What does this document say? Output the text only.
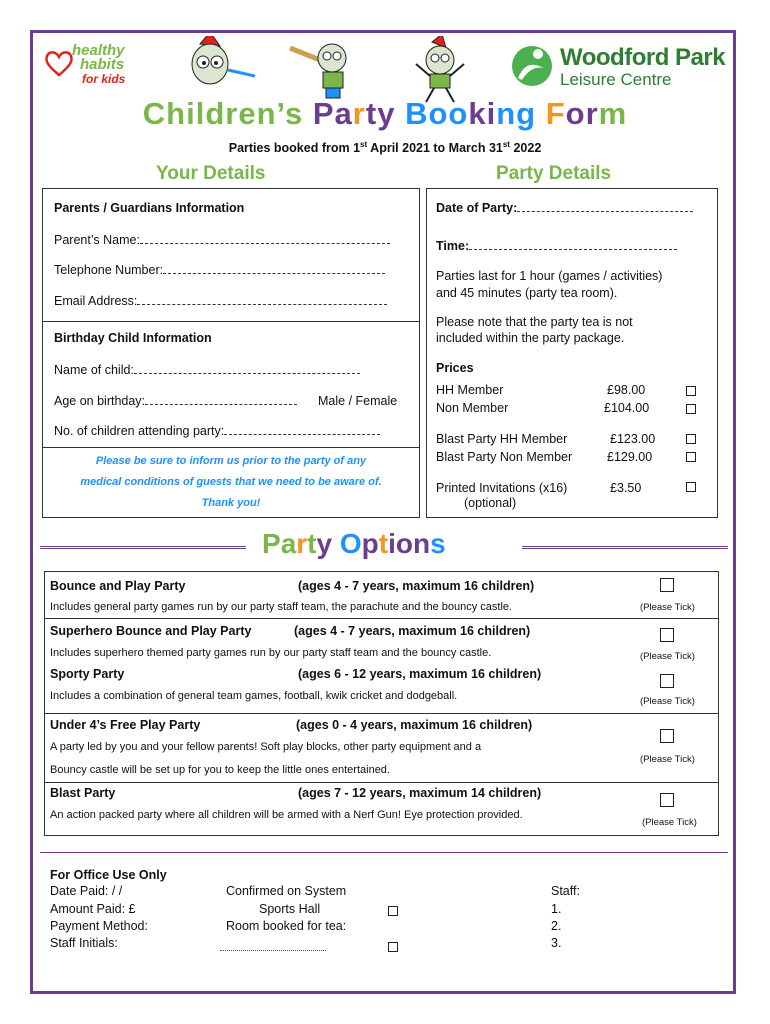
healthy
habits
for kids
Woodford Park
Leisure Centre
Children’s Party Booking Form
Parties booked from 1st April 2021 to March 31st 2022
Your Details	Party Details
Parents / Guardians Information
Parent’s Name:
Telephone Number:
Email Address:
Birthday Child Information
Name of child:
Age on birthday:	Male / Female
No. of children attending party:
Please be sure to inform us prior to the party of any
medical conditions of guests that we need to be aware of.
Thank you!
Date of Party:
Time:
Parties last for 1 hour (games / activities)
and 45 minutes (party tea room).
Please note that the party tea is not
included within the party package.
Prices
HH Member	£98.00
Non Member	£104.00
Blast Party HH Member	£123.00
Blast Party Non Member	£129.00
Printed Invitations (x16)	£3.50
(optional)
Party Options
Bounce and Play Party	(ages 4 - 7 years, maximum 16 children)
Includes general party games run by our party staff team, the parachute and the bouncy castle.	(Please Tick)
Superhero Bounce and Play Party	(ages 4 - 7 years, maximum 16 children)
Includes superhero themed party games run by our party staff team and the bouncy castle.	(Please Tick)
Sporty Party	(ages 6 - 12 years, maximum 16 children)
Includes a combination of general team games, football, kwik cricket and dodgeball.	(Please Tick)
Under 4’s Free Play Party	(ages 0 - 4 years, maximum 16 children)
A party led by you and your fellow parents! Soft play blocks, other party equipment and a
Bouncy castle will be set up for you to keep the little ones entertained.
(Please Tick)
Blast Party	(ages 7 - 12 years, maximum 14 children)
An action packed party where all children will be armed with a Nerf Gun! Eye protection provided.
(Please Tick)
For Office Use Only
Date Paid: / /
Amount Paid: £
Payment Method:
Staff Initials:
Confirmed on System
Sports Hall
Room booked for tea:
Staff:
1.
2.
3.
